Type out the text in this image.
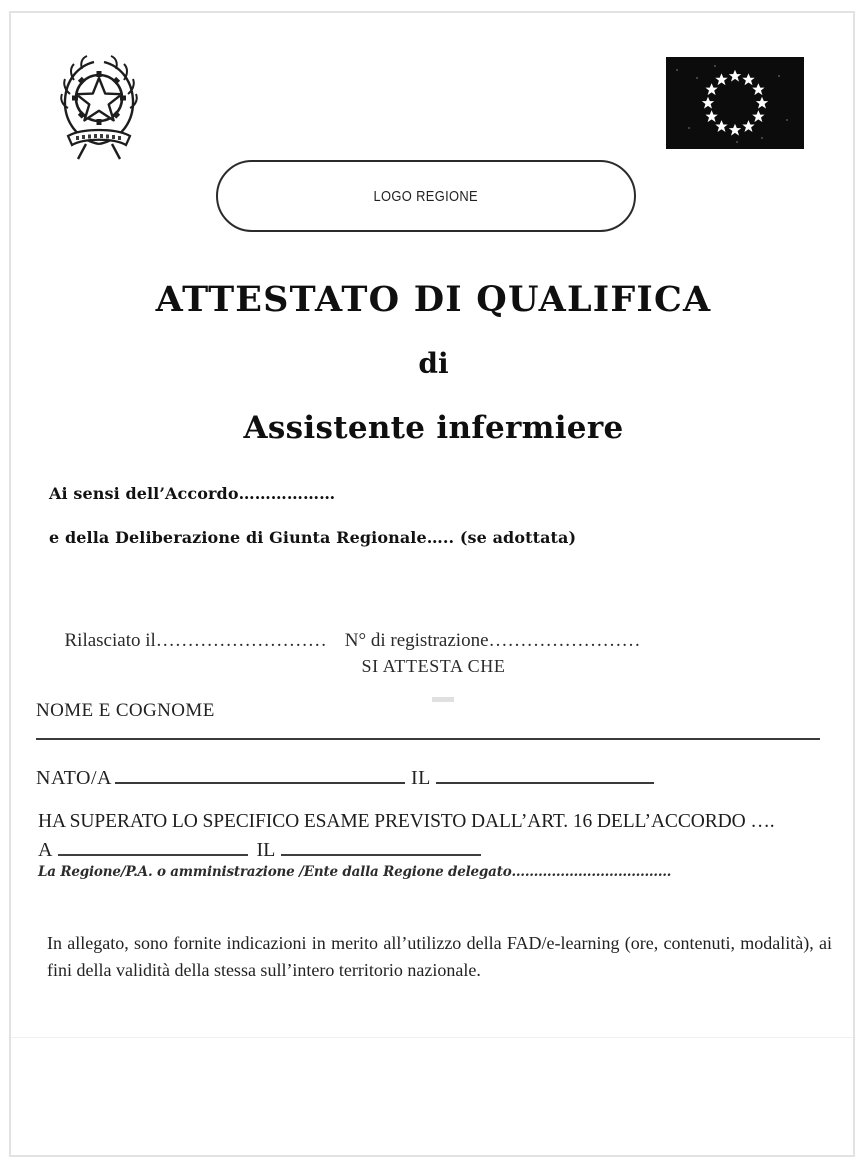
LOGO REGIONE
ATTESTATO DI QUALIFICA
di
Assistente infermiere
Ai sensi dell’Accordo………………
e della Deliberazione di Giunta Regionale….. (se adottata)

Rilasciato il……………………… N° di registrazione……………………

SI ATTESTA CHE
NOME E COGNOME
NATO/A	IL
HA SUPERATO LO SPECIFICO ESAME PREVISTO DALL’ART. 16 DELL’ACCORDO ….
A	IL
La Regione/P.A. o amministrazione /Ente dalla Regione delegato………………………………

In allegato, sono fornite indicazioni in merito all’utilizzo della FAD/e-learning (ore, contenuti, modalità), ai fini della validità della stessa sull’intero territorio nazionale.
